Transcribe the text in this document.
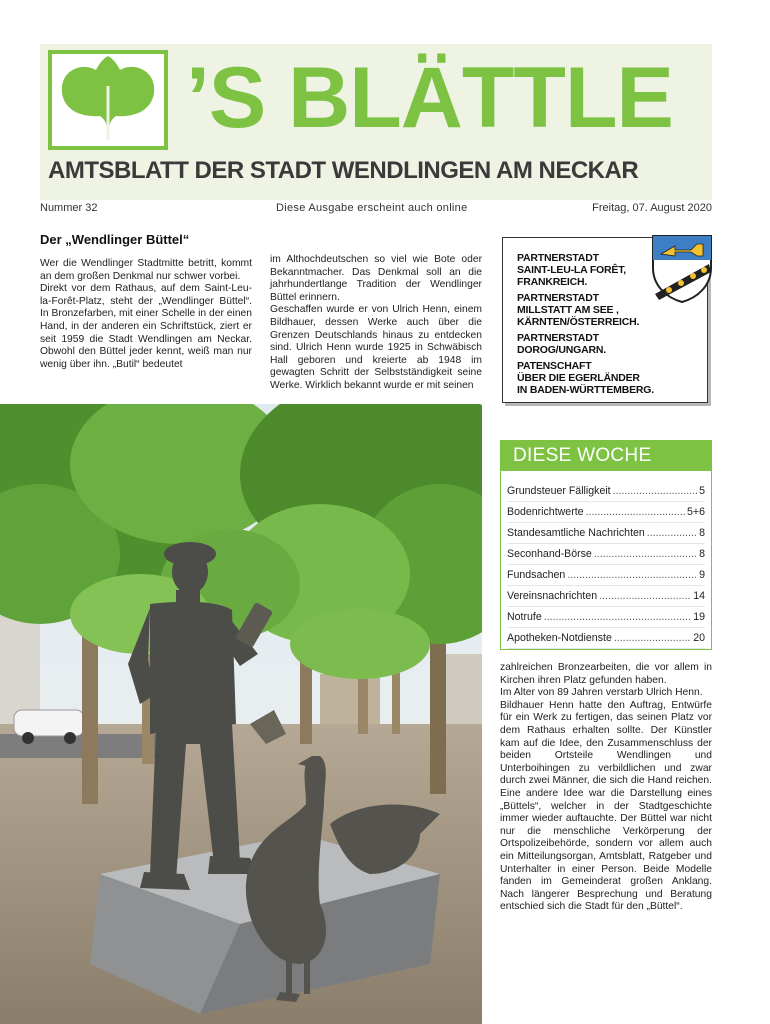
’S BLÄTTLE
AMTSBLATT DER STADT WENDLINGEN AM NECKAR
Nummer 32	Diese Ausgabe erscheint auch online	Freitag, 07. August 2020
Der „Wendlinger Büttel“

Wer die Wendlinger Stadtmitte betritt, kommt an dem großen Denkmal nur schwer vorbei.

Direkt vor dem Rathaus, auf dem Saint-Leu-la-Forêt-Platz, steht der „Wendlinger Büttel“. In Bronzefarben, mit einer Schelle in der einen Hand, in der anderen ein Schriftstück, ziert er seit 1959 die Stadt Wendlingen am Neckar. Obwohl den Büttel jeder kennt, weiß man nur wenig über ihn. „Butil“ bedeutet

im Althochdeutschen so viel wie Bote oder Bekanntmacher. Das Denkmal soll an die jahrhundertlange Tradition der Wendlinger Büttel erinnern.

Geschaffen wurde er von Ulrich Henn, einem Bildhauer, dessen Werke auch über die Grenzen Deutschlands hinaus zu entdecken sind. Ulrich Henn wurde 1925 in Schwäbisch Hall geboren und kreierte ab 1948 im gewagten Schritt der Selbstständigkeit seine Werke. Wirklich bekannt wurde er mit seinen

zahlreichen Bronzearbeiten, die vor allem in Kirchen ihren Platz gefunden haben.

Im Alter von 89 Jahren verstarb Ulrich Henn.

Bildhauer Henn hatte den Auftrag, Entwürfe für ein Werk zu fertigen, das seinen Platz vor dem Rathaus erhalten sollte. Der Künstler kam auf die Idee, den Zusammenschluss der beiden Ortsteile Wendlingen und Unterboihingen zu verbildlichen und zwar durch zwei Männer, die sich die Hand reichen. Eine andere Idee war die Darstellung eines „Büttels“, welcher in der Stadtgeschichte immer wieder auftauchte. Der Büttel war nicht nur die menschliche Verkörperung der Ortspolizeibehörde, sondern vor allem auch ein Mitteilungsorgan, Amtsblatt, Ratgeber und Unterhalter in einer Person. Beide Modelle fanden im Gemeinderat großen Anklang. Nach längerer Besprechung und Beratung entschied sich die Stadt für den „Büttel“.

PARTNERSTADT
SAINT-LEU-LA FORÊT,
FRANKREICH.
PARTNERSTADT
MILLSTATT AM SEE ,
KÄRNTEN/ÖSTERREICH.
PARTNERSTADT
DOROG/UNGARN.
PATENSCHAFT
ÜBER DIE EGERLÄNDER
IN BADEN-WÜRTTEMBERG.
DIESE WOCHE
Grundsteuer Fälligkeit .....	5
Bodenrichtwerte .....	5+6
Standesamtliche Nachrichten .....	8
Seconhand-Börse .....	8
Fundsachen .....	9
Vereinsnachrichten .....	14
Notrufe .....	19
Apotheken-Notdienste .....	20
